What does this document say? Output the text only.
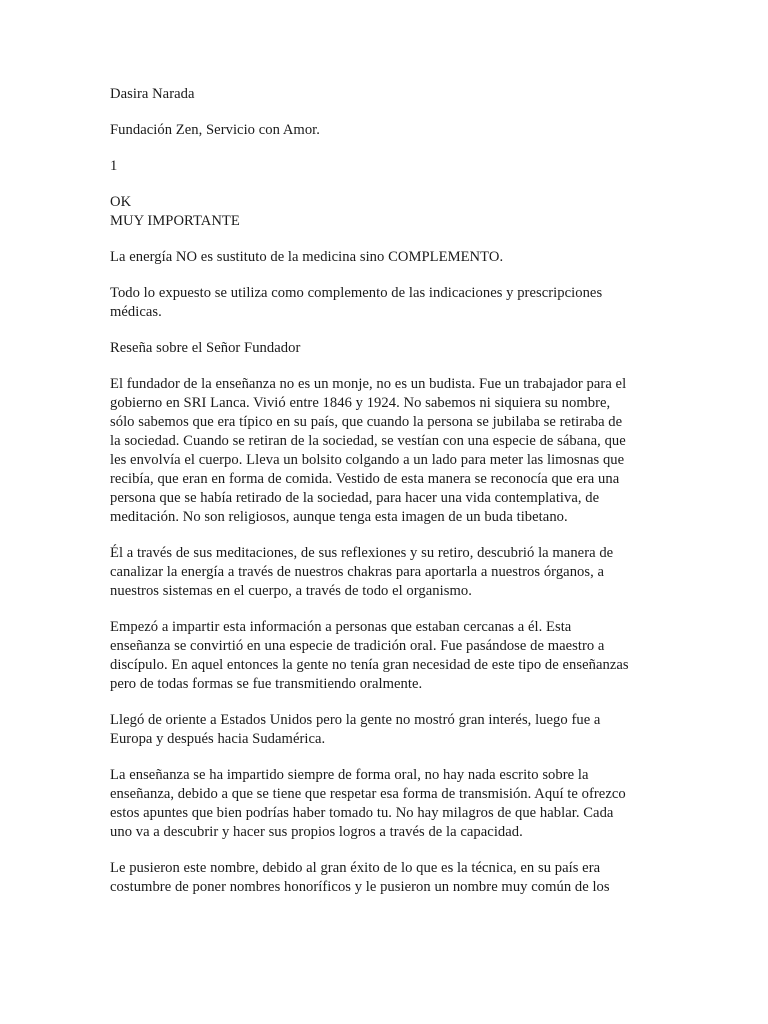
Dasira Narada

Fundación Zen, Servicio con Amor.

1

OK
MUY IMPORTANTE

La energía NO es sustituto de la medicina sino COMPLEMENTO.

Todo lo expuesto se utiliza como complemento de las indicaciones y prescripciones
médicas.

Reseña sobre el Señor Fundador

El fundador de la enseñanza no es un monje, no es un budista. Fue un trabajador para el
gobierno en SRI Lanca. Vivió entre 1846 y 1924. No sabemos ni siquiera su nombre,
sólo sabemos que era típico en su país, que cuando la persona se jubilaba se retiraba de
la sociedad. Cuando se retiran de la sociedad, se vestían con una especie de sábana, que
les envolvía el cuerpo. Lleva un bolsito colgando a un lado para meter las limosnas que
recibía, que eran en forma de comida. Vestido de esta manera se reconocía que era una
persona que se había retirado de la sociedad, para hacer una vida contemplativa, de
meditación. No son religiosos, aunque tenga esta imagen de un buda tibetano.

Él a través de sus meditaciones, de sus reflexiones y su retiro, descubrió la manera de
canalizar la energía a través de nuestros chakras para aportarla a nuestros órganos, a
nuestros sistemas en el cuerpo, a través de todo el organismo.

Empezó a impartir esta información a personas que estaban cercanas a él. Esta
enseñanza se convirtió en una especie de tradición oral. Fue pasándose de maestro a
discípulo. En aquel entonces la gente no tenía gran necesidad de este tipo de enseñanzas
pero de todas formas se fue transmitiendo oralmente.

Llegó de oriente a Estados Unidos pero la gente no mostró gran interés, luego fue a
Europa y después hacia Sudamérica.

La enseñanza se ha impartido siempre de forma oral, no hay nada escrito sobre la
enseñanza, debido a que se tiene que respetar esa forma de transmisión. Aquí te ofrezco
estos apuntes que bien podrías haber tomado tu. No hay milagros de que hablar. Cada
uno va a descubrir y hacer sus propios logros a través de la capacidad.

Le pusieron este nombre, debido al gran éxito de lo que es la técnica, en su país era
costumbre de poner nombres honoríficos y le pusieron un nombre muy común de los
